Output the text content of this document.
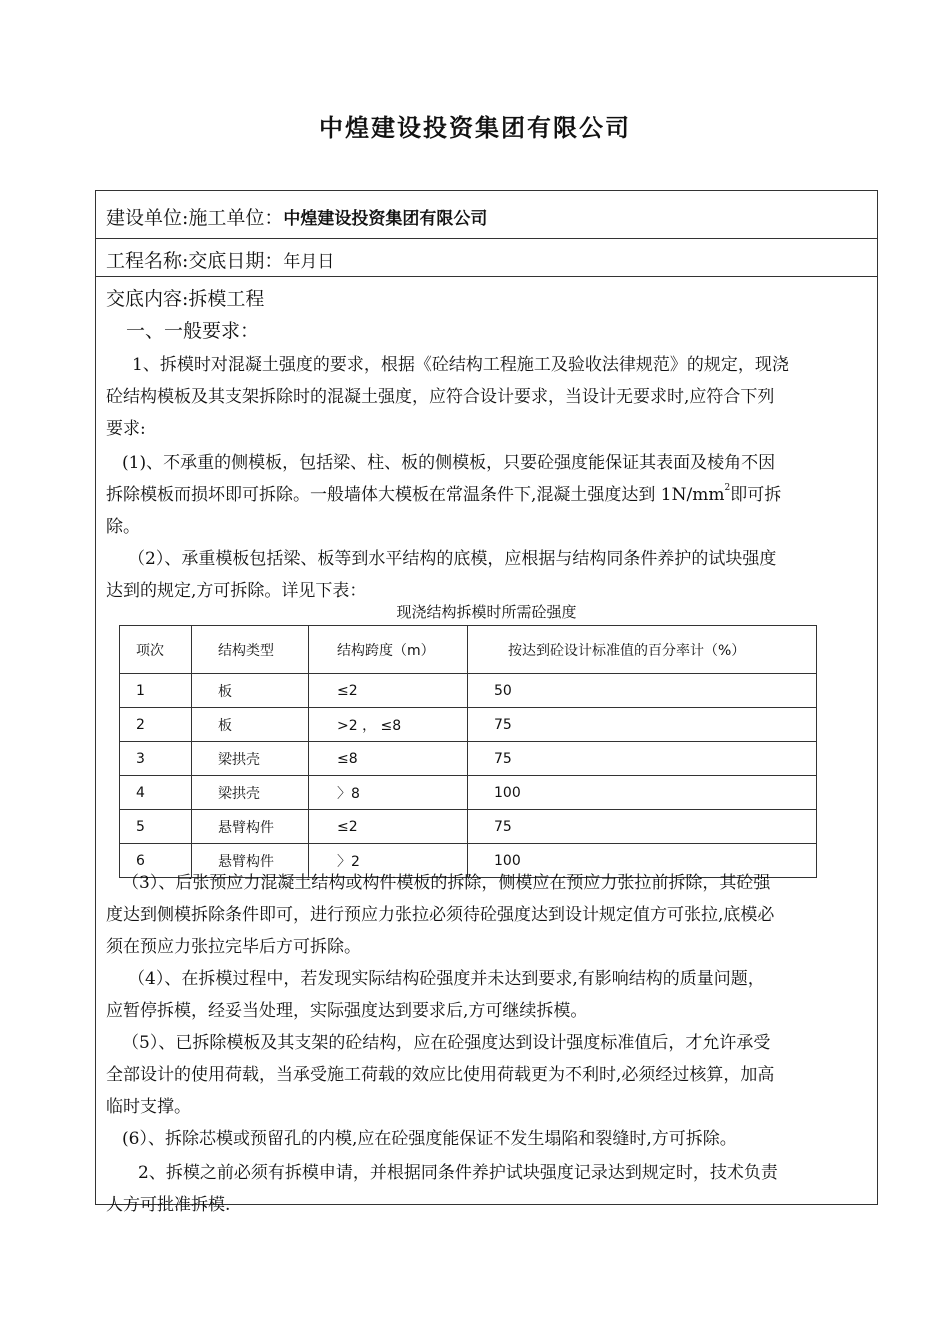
中煌建设投资集团有限公司
建设单位:施工单位：中煌建设投资集团有限公司
工程名称:交底日期：年月日
交底内容:拆模工程
一、一般要求：
1、拆模时对混凝土强度的要求，根据《砼结构工程施工及验收法律规范》的规定，现浇
砼结构模板及其支架拆除时的混凝土强度，应符合设计要求，当设计无要求时,应符合下列
要求:
(1)、不承重的侧模板，包括梁、柱、板的侧模板，只要砼强度能保证其表面及棱角不因
拆除模板而损坏即可拆除。一般墙体大模板在常温条件下,混凝土强度达到 $1N/mm^2$即可拆
除。
（2）、承重模板包括梁、板等到水平结构的底模，应根据与结构同条件养护的试块强度
达到的规定,方可拆除。详见下表：
现浇结构拆模时所需砼强度
项次	结构类型	结构跨度（m）	按达到砼设计标准值的百分率计（%）
1	板	≤2	50
2	板	>2 ， ≤8	75
3	梁拱壳	≤8	75
4	梁拱壳	〉8	100
5	悬臂构件	≤2	75
6	悬臂构件	〉2	100
（3）、后张预应力混凝土结构或构件模板的拆除，侧模应在预应力张拉前拆除，其砼强
度达到侧模拆除条件即可，进行预应力张拉必须待砼强度达到设计规定值方可张拉,底模必
须在预应力张拉完毕后方可拆除。
（4）、在拆模过程中，若发现实际结构砼强度并未达到要求,有影响结构的质量问题，
应暂停拆模，经妥当处理，实际强度达到要求后,方可继续拆模。
（5）、已拆除模板及其支架的砼结构，应在砼强度达到设计强度标准值后，才允许承受
全部设计的使用荷载，当承受施工荷载的效应比使用荷载更为不利时,必须经过核算，加高
临时支撑。
(6）、拆除芯模或预留孔的内模,应在砼强度能保证不发生塌陷和裂缝时,方可拆除。
2、拆模之前必须有拆模申请，并根据同条件养护试块强度记录达到规定时，技术负责
人方可批准拆模.
